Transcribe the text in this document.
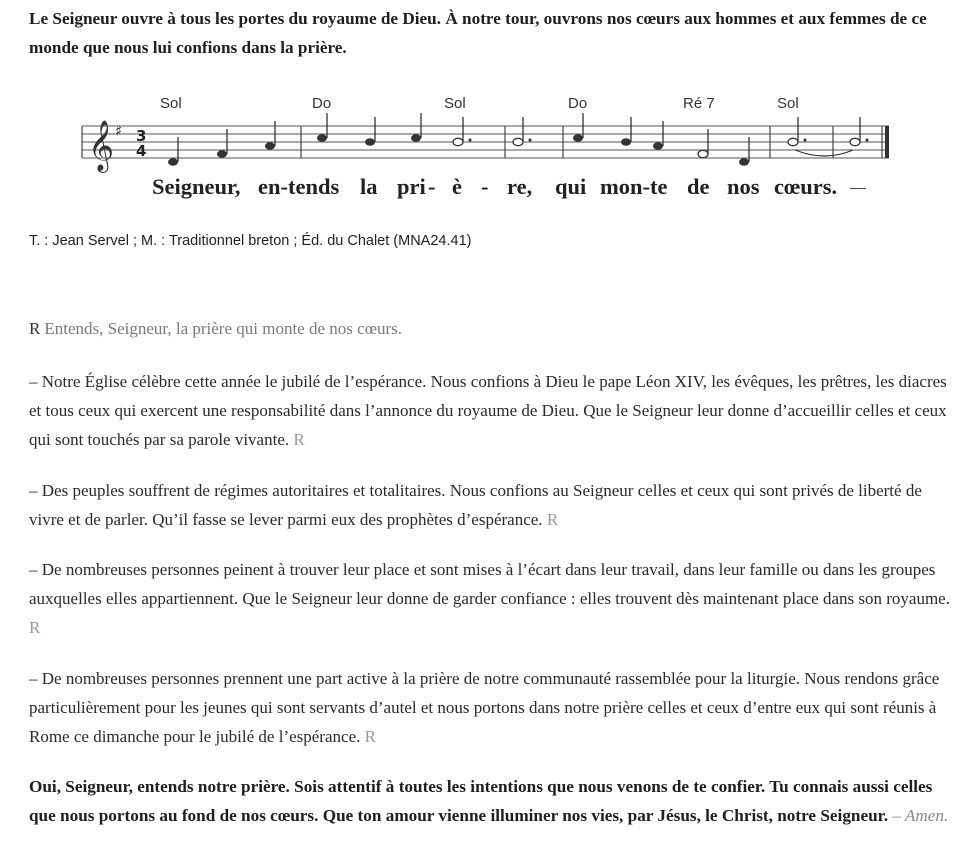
Le Seigneur ouvre à tous les portes du royaume de Dieu. À notre tour, ouvrons nos cœurs aux hommes et aux femmes de ce monde que nous lui confions dans la prière.
Sol	Do	Sol	Do	Ré 7	Sol
𝄞 ♯ 3
4
Seigneur, en-tends la pri - è - re, qui mon-te de nos cœurs.
T. : Jean Servel ; M. : Traditionnel breton ; Éd. du Chalet (MNA24.41)
R Entends, Seigneur, la prière qui monte de nos cœurs.
– Notre Église célèbre cette année le jubilé de l’espérance. Nous confions à Dieu le pape Léon XIV, les évêques, les prêtres, les diacres et tous ceux qui exercent une responsabilité dans l’annonce du royaume de Dieu. Que le Seigneur leur donne d’accueillir celles et ceux qui sont touchés par sa parole vivante. R
– Des peuples souffrent de régimes autoritaires et totalitaires. Nous confions au Seigneur celles et ceux qui sont privés de liberté de vivre et de parler. Qu’il fasse se lever parmi eux des prophètes d’espérance. R
– De nombreuses personnes peinent à trouver leur place et sont mises à l’écart dans leur travail, dans leur famille ou dans les groupes auxquelles elles appartiennent. Que le Seigneur leur donne de garder confiance : elles trouvent dès maintenant place dans son royaume. R
– De nombreuses personnes prennent une part active à la prière de notre communauté rassemblée pour la liturgie. Nous rendons grâce particulièrement pour les jeunes qui sont servants d’autel et nous portons dans notre prière celles et ceux d’entre eux qui sont réunis à Rome ce dimanche pour le jubilé de l’espérance. R
Oui, Seigneur, entends notre prière. Sois attentif à toutes les intentions que nous venons de te confier. Tu connais aussi celles que nous portons au fond de nos cœurs. Que ton amour vienne illuminer nos vies, par Jésus, le Christ, notre Seigneur. – Amen.
